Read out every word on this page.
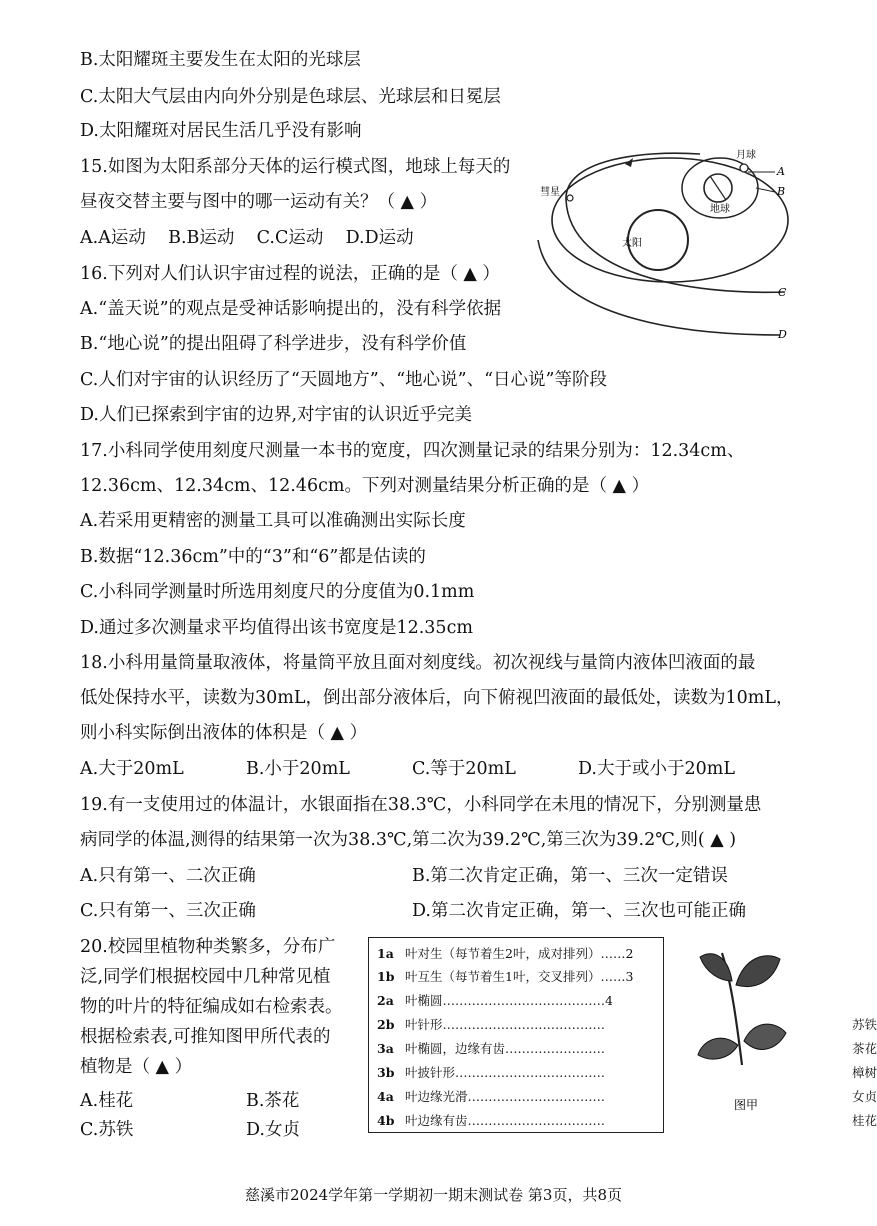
B.太阳耀斑主要发生在太阳的光球层
C.太阳大气层由内向外分别是色球层、光球层和日冕层
D.太阳耀斑对居民生活几乎没有影响
15.如图为太阳系部分天体的运行模式图，地球上每天的
昼夜交替主要与图中的哪一运动有关？（ ▲ ）
A.A运动    B.B运动    C.C运动    D.D运动
16.下列对人们认识宇宙过程的说法，正确的是（ ▲ ）
A.“盖天说”的观点是受神话影响提出的，没有科学依据
B.“地心说”的提出阻碍了科学进步，没有科学价值
C.人们对宇宙的认识经历了“天圆地方”、“地心说”、“日心说”等阶段
D.人们已探索到宇宙的边界,对宇宙的认识近乎完美
17.小科同学使用刻度尺测量一本书的宽度，四次测量记录的结果分别为：12.34cm、
12.36cm、12.34cm、12.46cm。下列对测量结果分析正确的是（ ▲ ）
A.若采用更精密的测量工具可以准确测出实际长度
B.数据“12.36cm”中的“3”和“6”都是估读的
C.小科同学测量时所选用刻度尺的分度值为0.1mm
D.通过多次测量求平均值得出该书宽度是12.35cm
18.小科用量筒量取液体，将量筒平放且面对刻度线。初次视线与量筒内液体凹液面的最
低处保持水平，读数为30mL，倒出部分液体后，向下俯视凹液面的最低处，读数为10mL，
则小科实际倒出液体的体积是（ ▲ ）
A.大于20mL	B.小于20mL	C.等于20mL	D.大于或小于20mL
19.有一支使用过的体温计，水银面指在38.3℃，小科同学在未甩的情况下，分别测量患
病同学的体温,测得的结果第一次为38.3℃,第二次为39.2℃,第三次为39.2℃,则( ▲ )
A.只有第一、二次正确	B.第二次肯定正确，第一、三次一定错误
C.只有第一、三次正确	D.第二次肯定正确，第一、三次也可能正确
20.校园里植物种类繁多，分布广
泛,同学们根据校园中几种常见植
物的叶片的特征编成如右检索表。
根据检索表,可推知图甲所代表的
植物是（ ▲ ）
A.桂花	B.茶花
C.苏铁	D.女贞
太阳
彗星
地球
月球
A
B
C
D
1a 叶对生（每节着生2叶，成对排列）……2
1b 叶互生（每节着生1叶，交叉排列）……3
2a 叶椭圆…………………………………4
2b 叶针形…………………………………	苏铁
3a 叶椭圆，边缘有齿……………………	茶花
3b 叶披针形………………………………	樟树
4a 叶边缘光滑……………………………	女贞
4b 叶边缘有齿……………………………	桂花
图甲
慈溪市2024学年第一学期初一期末测试卷 第3页，共8页
